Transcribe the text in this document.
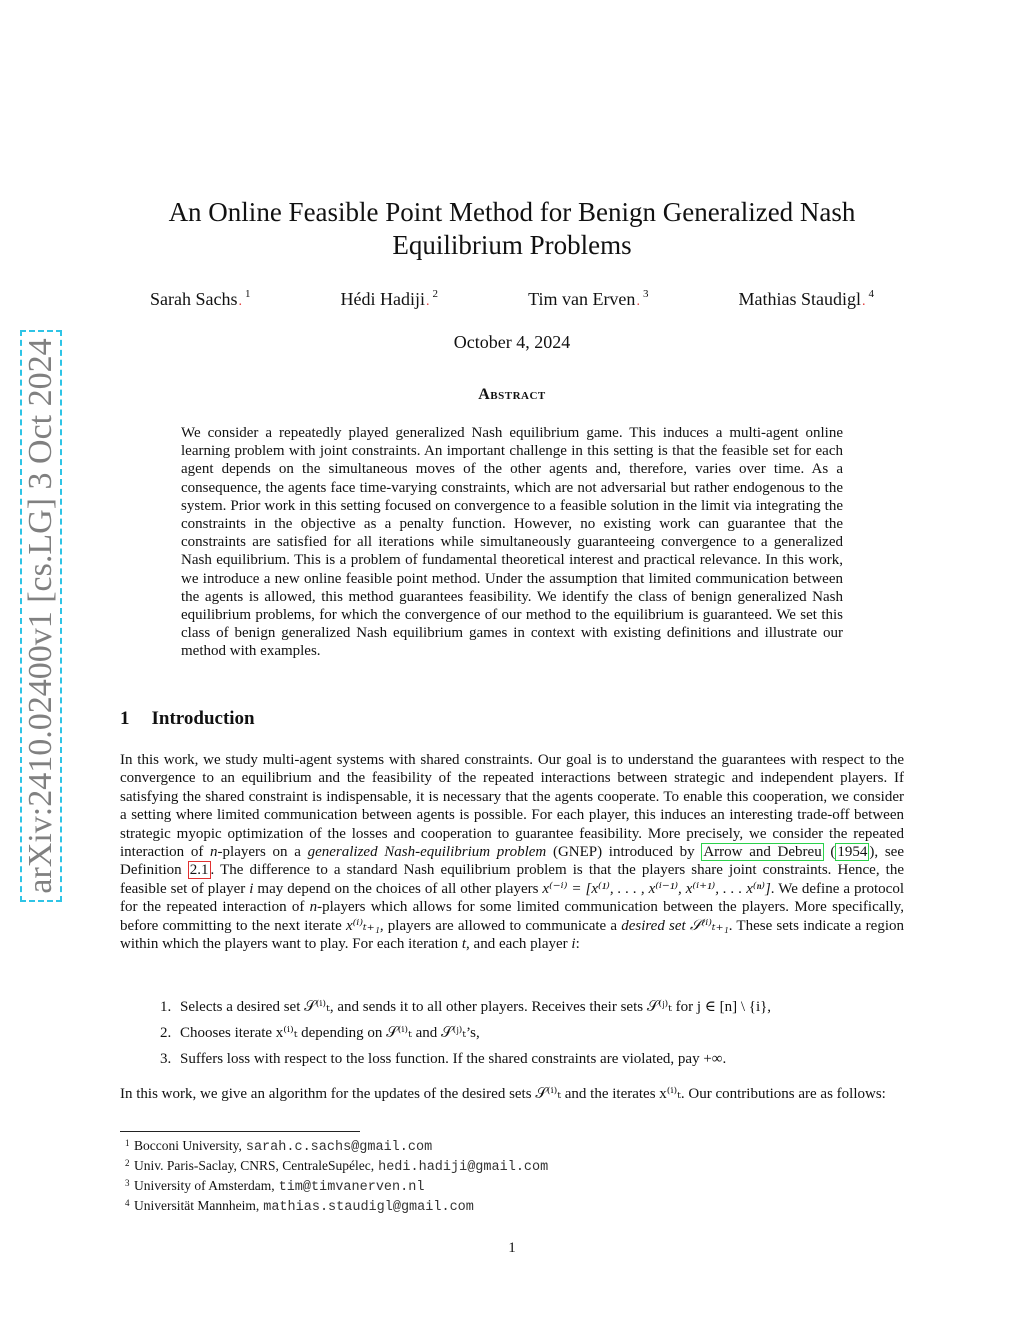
arXiv:2410.02400v1 [cs.LG] 3 Oct 2024
An Online Feasible Point Method for Benign Generalized Nash
Equilibrium Problems
Sarah Sachs. $^1$	Hédi Hadiji. $^2$	Tim van Erven. $^3$	Mathias Staudigl. $^4$
October 4, 2024
Abstract
We consider a repeatedly played generalized Nash equilibrium game. This induces a multi-agent online learning problem with joint constraints. An important challenge in this setting is that the feasible set for each agent depends on the simultaneous moves of the other agents and, therefore, varies over time. As a consequence, the agents face time-varying constraints, which are not adversarial but rather endogenous to the system. Prior work in this setting focused on convergence to a feasible solution in the limit via integrating the constraints in the objective as a penalty function. However, no existing work can guarantee that the constraints are satisfied for all iterations while simultaneously guaranteeing convergence to a generalized Nash equilibrium. This is a problem of fundamental theoretical interest and practical relevance. In this work, we introduce a new online feasible point method. Under the assumption that limited communication between the agents is allowed, this method guarantees feasibility. We identify the class of benign generalized Nash equilibrium problems, for which the convergence of our method to the equilibrium is guaranteed. We set this class of benign generalized Nash equilibrium games in context with existing definitions and illustrate our method with examples.
1 Introduction
In this work, we study multi-agent systems with shared constraints. Our goal is to understand the guarantees with respect to the convergence to an equilibrium and the feasibility of the repeated interactions between strategic and independent players. If satisfying the shared constraint is indispensable, it is necessary that the agents cooperate. To enable this cooperation, we consider a setting where limited communication between agents is possible. For each player, this induces an interesting trade-off between strategic myopic optimization of the losses and cooperation to guarantee feasibility. More precisely, we consider the repeated interaction of n-players on a generalized Nash-equilibrium problem (GNEP) introduced by Arrow and Debreu ( 1954 ), see Definition 2.1 . The difference to a standard Nash equilibrium problem is that the players share joint constraints. Hence, the feasible set of player i may depend on the choices of all other players x⁽⁻ⁱ⁾ = [x⁽¹⁾, . . . , x⁽ⁱ⁻¹⁾, x⁽ⁱ⁺¹⁾, . . . x⁽ⁿ⁾]. We define a protocol for the repeated interaction of n-players which allows for some limited communication between the players. More specifically, before committing to the next iterate x⁽ⁱ⁾ₜ₊₁, players are allowed to communicate a desired set 𝒮⁽ⁱ⁾ₜ₊₁. These sets indicate a region within which the players want to play. For each iteration t, and each player i:
1. Selects a desired set 𝒮⁽ⁱ⁾ₜ, and sends it to all other players. Receives their sets 𝒮⁽ʲ⁾ₜ for j ∈ [n] \ {i},
2. Chooses iterate x⁽ⁱ⁾ₜ depending on 𝒮⁽ⁱ⁾ₜ and 𝒮⁽ʲ⁾ₜ’s,
3. Suffers loss with respect to the loss function. If the shared constraints are violated, pay +∞.
In this work, we give an algorithm for the updates of the desired sets 𝒮⁽ⁱ⁾ₜ and the iterates x⁽ⁱ⁾ₜ. Our contributions are as follows:
1 Bocconi University, sarah.c.sachs@gmail.com
2 Univ. Paris-Saclay, CNRS, CentraleSupélec, hedi.hadiji@gmail.com
3 University of Amsterdam, tim@timvanerven.nl
4 Universität Mannheim, mathias.staudigl@gmail.com
1
